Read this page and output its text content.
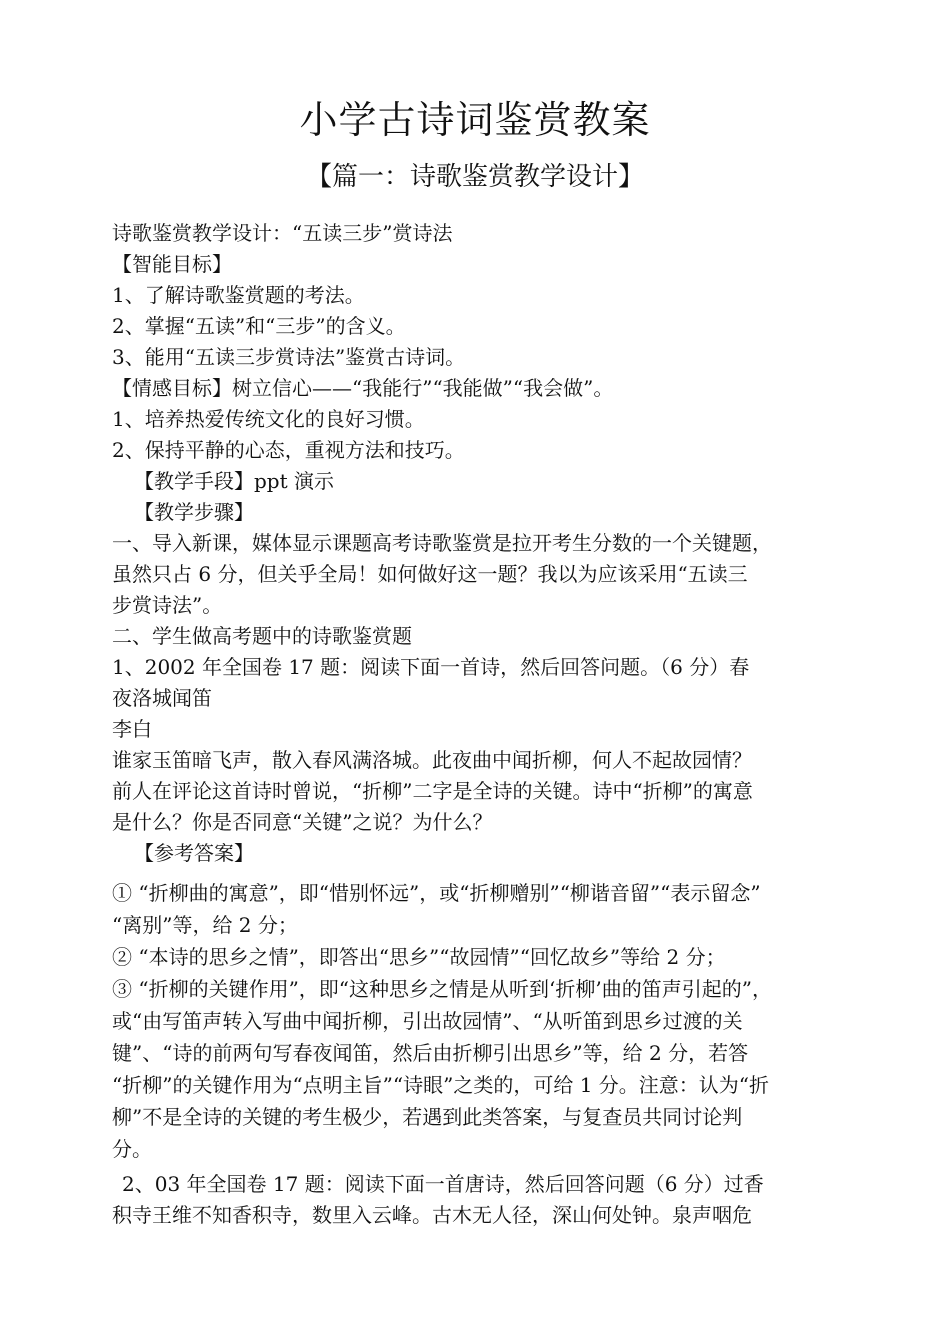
小学古诗词鉴赏教案
【篇一：诗歌鉴赏教学设计】
诗歌鉴赏教学设计：“五读三步”赏诗法
【智能目标】
1、了解诗歌鉴赏题的考法。
2、掌握“五读”和“三步”的含义。
3、能用“五读三步赏诗法”鉴赏古诗词。
【情感目标】树立信心——“我能行”“我能做”“我会做”。
1、培养热爱传统文化的良好习惯。
2、保持平静的心态，重视方法和技巧。
【教学手段】ppt 演示
【教学步骤】
一、导入新课，媒体显示课题高考诗歌鉴赏是拉开考生分数的一个关键题，
虽然只占 6 分，但关乎全局！如何做好这一题？我以为应该采用“五读三
步赏诗法”。
二、学生做高考题中的诗歌鉴赏题
1、2002 年全国卷 17 题：阅读下面一首诗，然后回答问题。（6 分）春
夜洛城闻笛
李白
谁家玉笛暗飞声，散入春风满洛城。此夜曲中闻折柳，何人不起故园情？
前人在评论这首诗时曾说，“折柳”二字是全诗的关键。诗中“折柳”的寓意
是什么？你是否同意“关键”之说？为什么？
【参考答案】
① “折柳曲的寓意”，即“惜别怀远”，或“折柳赠别”“柳谐音留”“表示留念”
“离别”等，给 2 分；
② “本诗的思乡之情”，即答出“思乡”“故园情”“回忆故乡”等给 2 分；
③ “折柳的关键作用”，即“这种思乡之情是从听到‘折柳’曲的笛声引起的”，
或“由写笛声转入写曲中闻折柳，引出故园情”、“从听笛到思乡过渡的关
键”、“诗的前两句写春夜闻笛，然后由折柳引出思乡”等，给 2 分，若答
“折柳”的关键作用为“点明主旨”“诗眼”之类的，可给 1 分。注意：认为“折
柳”不是全诗的关键的考生极少，若遇到此类答案，与复查员共同讨论判
分。
2、03 年全国卷 17 题：阅读下面一首唐诗，然后回答问题（6 分）过香
积寺王维不知香积寺，数里入云峰。古木无人径，深山何处钟。泉声咽危
